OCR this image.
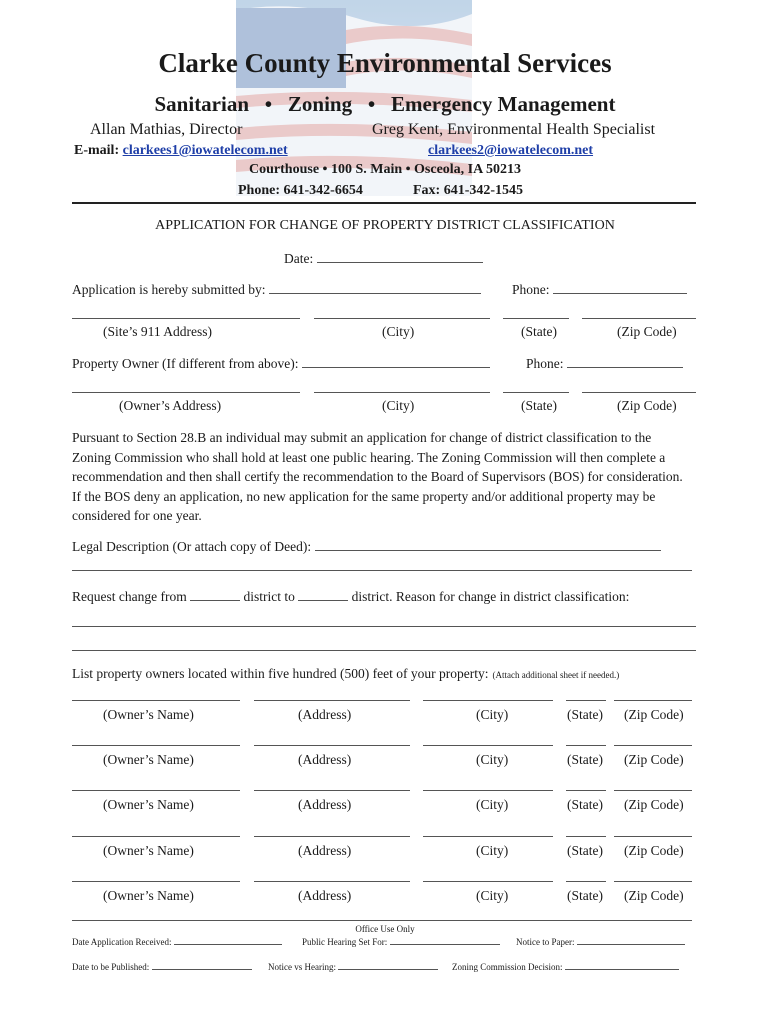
Clarke County Environmental Services
Sanitarian   •   Zoning   •   Emergency Management
Allan Mathias, Director	Greg Kent, Environmental Health Specialist
E-mail: clarkees1@iowatelecom.net	clarkees2@iowatelecom.net
Courthouse • 100 S. Main • Osceola, IA 50213
Phone: 641-342-6654	Fax: 641-342-1545
APPLICATION FOR CHANGE OF PROPERTY DISTRICT CLASSIFICATION
Date:
Application is hereby submitted by:	Phone:
(Site’s 911 Address)	(City)	(State)	(Zip Code)
Property Owner (If different from above):	Phone:
(Owner’s Address)	(City)	(State)	(Zip Code)
Pursuant to Section 28.B an individual may submit an application for change of district classification to the Zoning Commission who shall hold at least one public hearing. The Zoning Commission will then complete a recommendation and then shall certify the recommendation to the Board of Supervisors (BOS) for consideration. If the BOS deny an application, no new application for the same property and/or additional property may be considered for one year.
Legal Description (Or attach copy of Deed):
Request change from	district to	district. Reason for change in district classification:
List property owners located within five hundred (500) feet of your property: (Attach additional sheet if needed.)
(Owner’s Name)	(Address)	(City)	(State) (Zip Code)
(Owner’s Name)	(Address)	(City)	(State) (Zip Code)
(Owner’s Name)	(Address)	(City)	(State) (Zip Code)
(Owner’s Name)	(Address)	(City)	(State) (Zip Code)
(Owner’s Name)	(Address)	(City)	(State) (Zip Code)
Office Use Only
Date Application Received:	Public Hearing Set For:	Notice to Paper:
Date to be Published:	Notice vs Hearing:	Zoning Commission Decision:
